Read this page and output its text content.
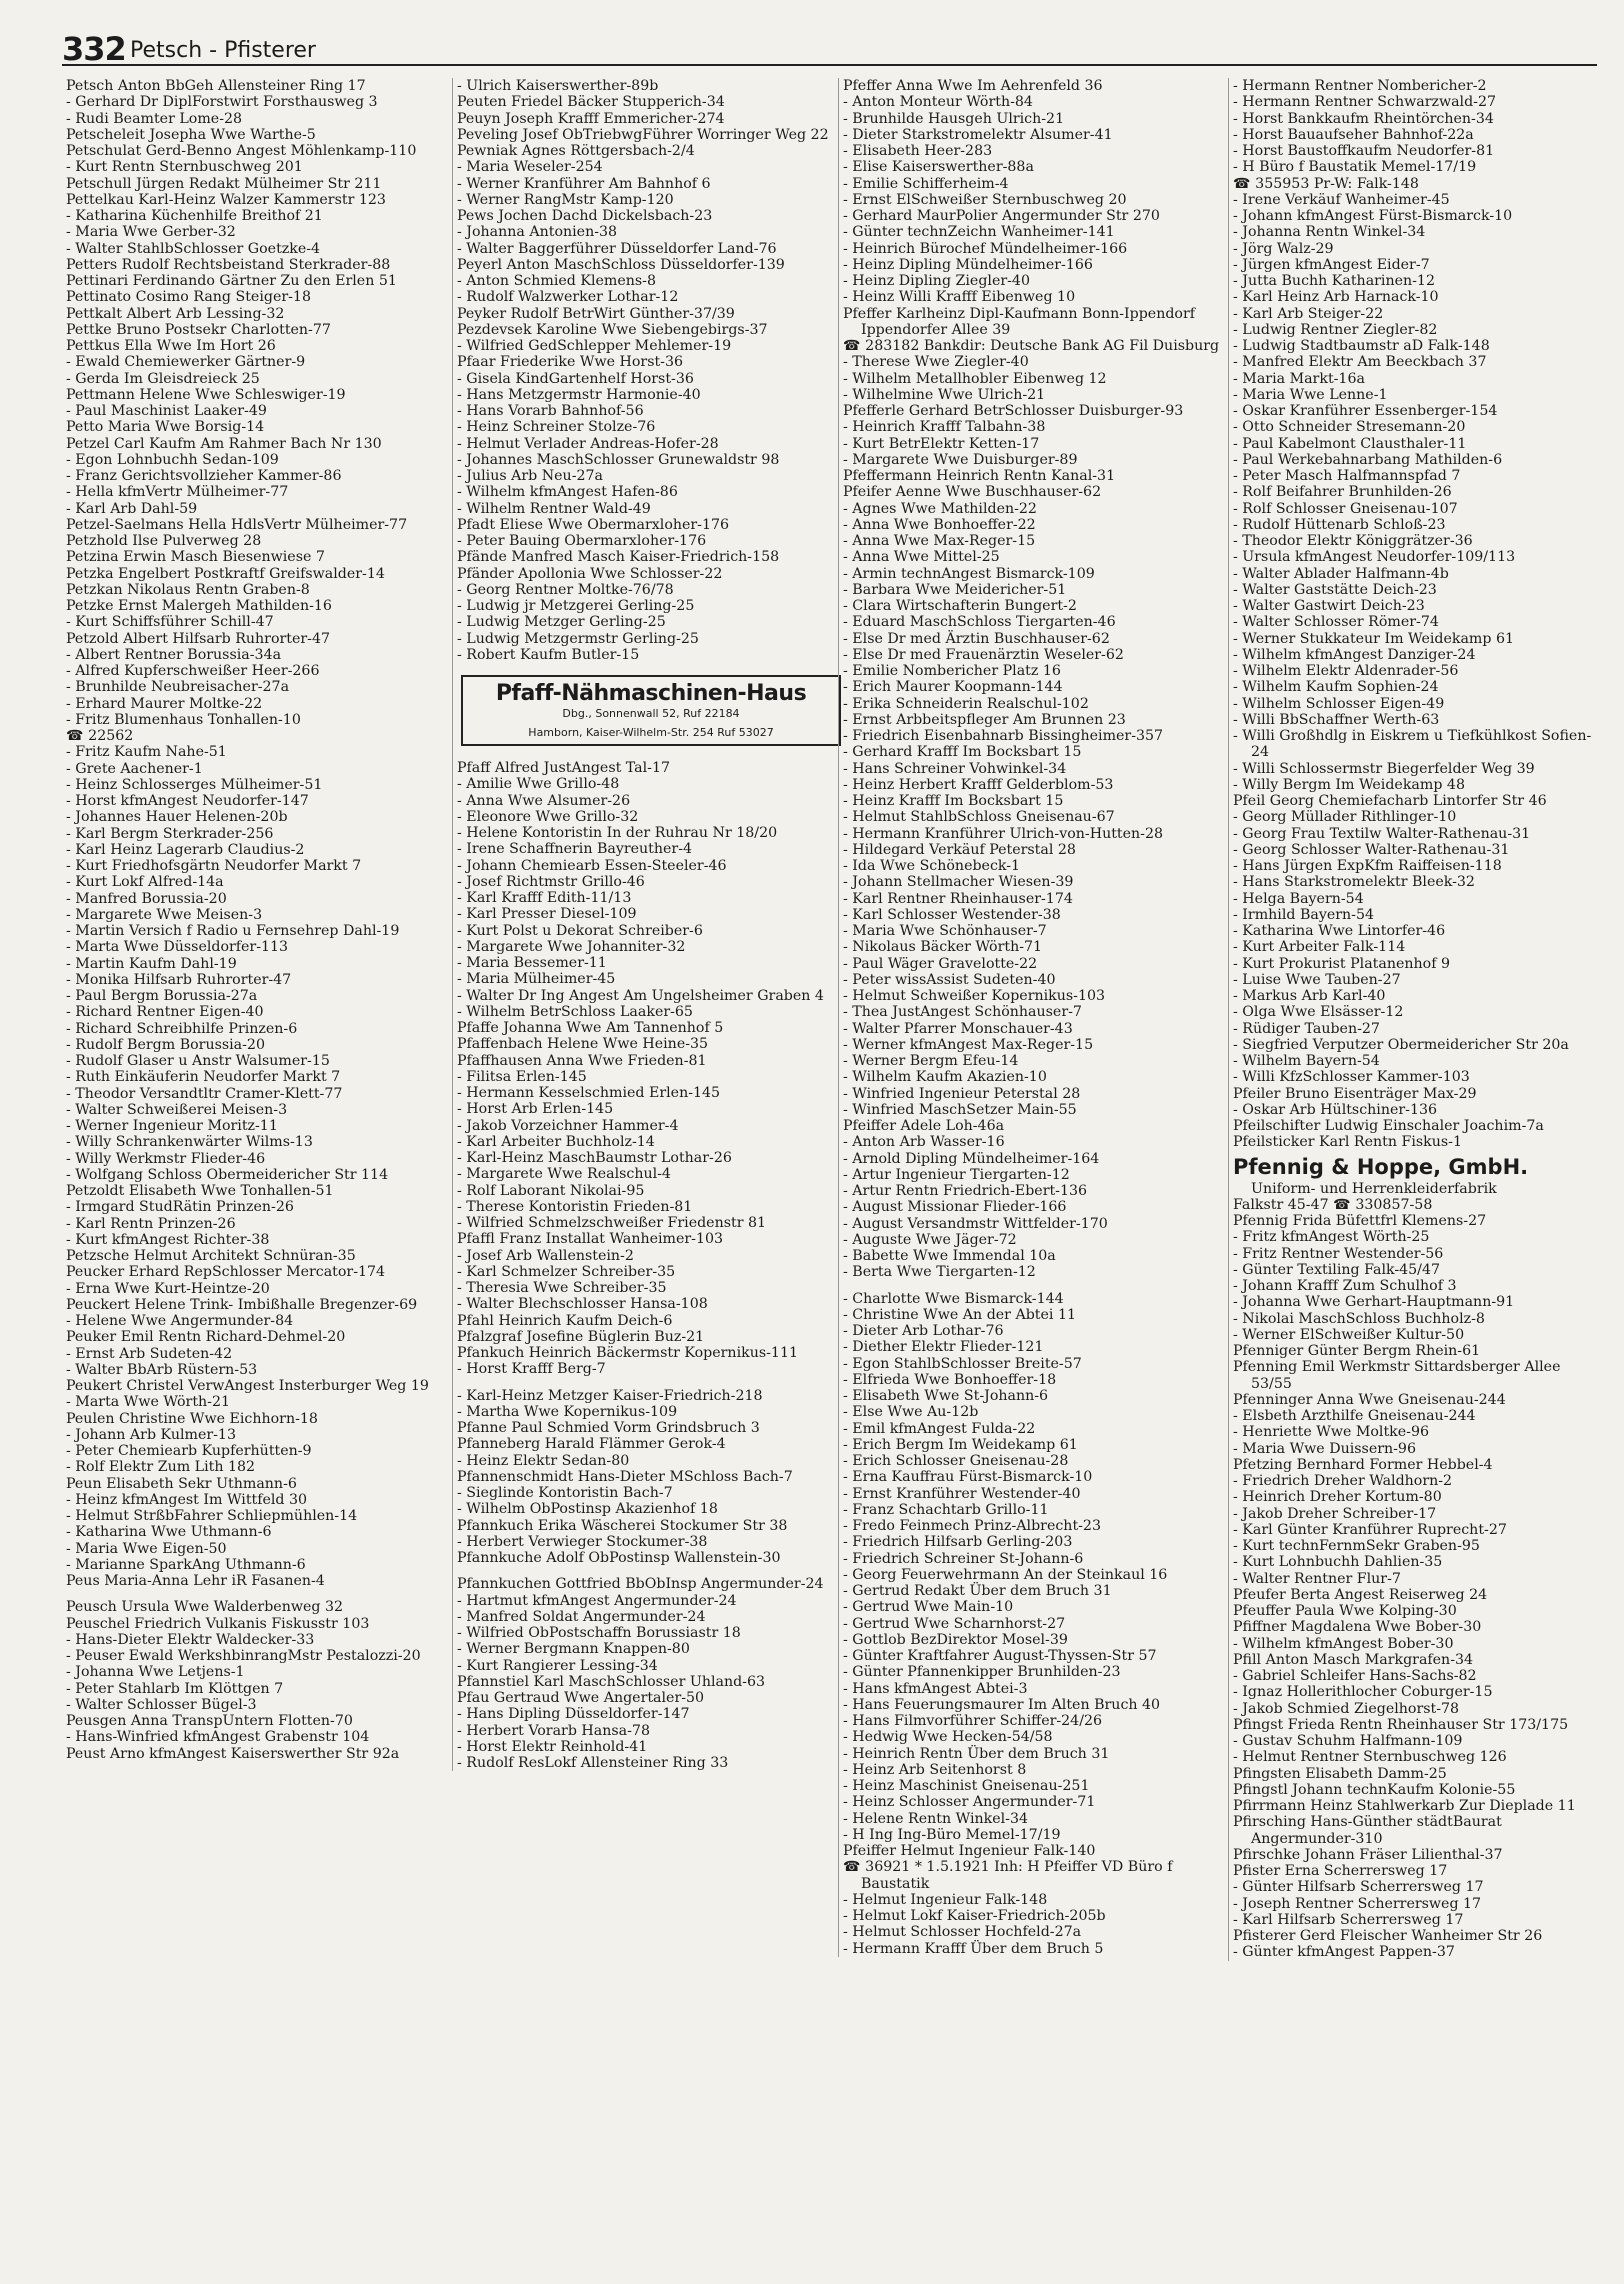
332 Petsch - Pfisterer
Petsch Anton BbGeh Allensteiner Ring 17
- Gerhard Dr DiplForstwirt Forsthausweg 3
- Rudi Beamter Lome-28
Petscheleit Josepha Wwe Warthe-5
Petschulat Gerd-Benno Angest Möhlenkamp-110
- Kurt Rentn Sternbuschweg 201
Petschull Jürgen Redakt Mülheimer Str 211
Pettelkau Karl-Heinz Walzer Kammerstr 123
- Katharina Küchenhilfe Breithof 21
- Maria Wwe Gerber-32
- Walter StahlbSchlosser Goetzke-4
Petters Rudolf Rechtsbeistand Sterkrader-88
Pettinari Ferdinando Gärtner Zu den Erlen 51
Pettinato Cosimo Rang Steiger-18
Pettkalt Albert Arb Lessing-32
Pettke Bruno Postsekr Charlotten-77
Pettkus Ella Wwe Im Hort 26
- Ewald Chemiewerker Gärtner-9
- Gerda Im Gleisdreieck 25
Pettmann Helene Wwe Schleswiger-19
- Paul Maschinist Laaker-49
Petto Maria Wwe Borsig-14
Petzel Carl Kaufm Am Rahmer Bach Nr 130
- Egon Lohnbuchh Sedan-109
- Franz Gerichtsvollzieher Kammer-86
- Hella kfmVertr Mülheimer-77
- Karl Arb Dahl-59
Petzel-Saelmans Hella HdlsVertr Mülheimer-77
Petzhold Ilse Pulverweg 28
Petzina Erwin Masch Biesenwiese 7
Petzka Engelbert Postkraftf Greifswalder-14
Petzkan Nikolaus Rentn Graben-8
Petzke Ernst Malergeh Mathilden-16
- Kurt Schiffsführer Schill-47
Petzold Albert Hilfsarb Ruhrorter-47
- Albert Rentner Borussia-34a
- Alfred Kupferschweißer Heer-266
- Brunhilde Neubreisacher-27a
- Erhard Maurer Moltke-22
- Fritz Blumenhaus Tonhallen-10
☎ 22562
- Fritz Kaufm Nahe-51
- Grete Aachener-1
- Heinz Schlosserges Mülheimer-51
- Horst kfmAngest Neudorfer-147
- Johannes Hauer Helenen-20b
- Karl Bergm Sterkrader-256
- Karl Heinz Lagerarb Claudius-2
- Kurt Friedhofsgärtn Neudorfer Markt 7
- Kurt Lokf Alfred-14a
- Manfred Borussia-20
- Margarete Wwe Meisen-3
- Martin Versich f Radio u Fernsehrep Dahl-19
- Marta Wwe Düsseldorfer-113
- Martin Kaufm Dahl-19
- Monika Hilfsarb Ruhrorter-47
- Paul Bergm Borussia-27a
- Richard Rentner Eigen-40
- Richard Schreibhilfe Prinzen-6
- Rudolf Bergm Borussia-20
- Rudolf Glaser u Anstr Walsumer-15
- Ruth Einkäuferin Neudorfer Markt 7
- Theodor Versandtltr Cramer-Klett-77
- Walter Schweißerei Meisen-3
- Werner Ingenieur Moritz-11
- Willy Schrankenwärter Wilms-13
- Willy Werkmstr Flieder-46
- Wolfgang Schloss Obermeidericher Str 114
Petzoldt Elisabeth Wwe Tonhallen-51
- Irmgard StudRätin Prinzen-26
- Karl Rentn Prinzen-26
- Kurt kfmAngest Richter-38
Petzsche Helmut Architekt Schnüran-35
Peucker Erhard RepSchlosser Mercator-174
- Erna Wwe Kurt-Heintze-20
Peuckert Helene Trink- Imbißhalle Bregenzer-69
- Helene Wwe Angermunder-84
Peuker Emil Rentn Richard-Dehmel-20
- Ernst Arb Sudeten-42
- Walter BbArb Rüstern-53
Peukert Christel VerwAngest Insterburger Weg 19
- Marta Wwe Wörth-21
Peulen Christine Wwe Eichhorn-18
- Johann Arb Kulmer-13
- Peter Chemiearb Kupferhütten-9
- Rolf Elektr Zum Lith 182
Peun Elisabeth Sekr Uthmann-6
- Heinz kfmAngest Im Wittfeld 30
- Helmut StrßbFahrer Schliepmühlen-14
- Katharina Wwe Uthmann-6
- Maria Wwe Eigen-50
- Marianne SparkAng Uthmann-6
Peus Maria-Anna Lehr iR Fasanen-4
Peusch Ursula Wwe Walderbenweg 32
Peuschel Friedrich Vulkanis Fiskusstr 103
- Hans-Dieter Elektr Waldecker-33
- Peuser Ewald WerkshbinrangMstr Pestalozzi-20
- Johanna Wwe Letjens-1
- Peter Stahlarb Im Klöttgen 7
- Walter Schlosser Bügel-3
Peusgen Anna TranspUntern Flotten-70
- Hans-Winfried kfmAngest Grabenstr 104
Peust Arno kfmAngest Kaiserswerther Str 92a
- Ulrich Kaiserswerther-89b
Peuten Friedel Bäcker Stupperich-34
Peuyn Joseph Krafff Emmericher-274
Peveling Josef ObTriebwgFührer Worringer Weg 22
Pewniak Agnes Röttgersbach-2/4
- Maria Weseler-254
- Werner Kranführer Am Bahnhof 6
- Werner RangMstr Kamp-120
Pews Jochen Dachd Dickelsbach-23
- Johanna Antonien-38
- Walter Baggerführer Düsseldorfer Land-76
Peyerl Anton MaschSchloss Düsseldorfer-139
- Anton Schmied Klemens-8
- Rudolf Walzwerker Lothar-12
Peyker Rudolf BetrWirt Günther-37/39
Pezdevsek Karoline Wwe Siebengebirgs-37
- Wilfried GedSchlepper Mehlemer-19
Pfaar Friederike Wwe Horst-36
- Gisela KindGartenhelf Horst-36
- Hans Metzgermstr Harmonie-40
- Hans Vorarb Bahnhof-56
- Heinz Schreiner Stolze-76
- Helmut Verlader Andreas-Hofer-28
- Johannes MaschSchlosser Grunewaldstr 98
- Julius Arb Neu-27a
- Wilhelm kfmAngest Hafen-86
- Wilhelm Rentner Wald-49
Pfadt Eliese Wwe Obermarxloher-176
- Peter Bauing Obermarxloher-176
Pfände Manfred Masch Kaiser-Friedrich-158
Pfänder Apollonia Wwe Schlosser-22
- Georg Rentner Moltke-76/78
- Ludwig jr Metzgerei Gerling-25
- Ludwig Metzger Gerling-25
- Ludwig Metzgermstr Gerling-25
- Robert Kaufm Butler-15
Pfaff-Nähmaschinen-Haus
Dbg., Sonnenwall 52, Ruf 22184
Hamborn, Kaiser-Wilhelm-Str. 254 Ruf 53027
Pfaff Alfred JustAngest Tal-17
- Amilie Wwe Grillo-48
- Anna Wwe Alsumer-26
- Eleonore Wwe Grillo-32
- Helene Kontoristin In der Ruhrau Nr 18/20
- Irene Schaffnerin Bayreuther-4
- Johann Chemiearb Essen-Steeler-46
- Josef Richtmstr Grillo-46
- Karl Krafff Edith-11/13
- Karl Presser Diesel-109
- Kurt Polst u Dekorat Schreiber-6
- Margarete Wwe Johanniter-32
- Maria Bessemer-11
- Maria Mülheimer-45
- Walter Dr Ing Angest Am Ungelsheimer Graben 4
- Wilhelm BetrSchloss Laaker-65
Pfaffe Johanna Wwe Am Tannenhof 5
Pfaffenbach Helene Wwe Heine-35
Pfaffhausen Anna Wwe Frieden-81
- Filitsa Erlen-145
- Hermann Kesselschmied Erlen-145
- Horst Arb Erlen-145
- Jakob Vorzeichner Hammer-4
- Karl Arbeiter Buchholz-14
- Karl-Heinz MaschBaumstr Lothar-26
- Margarete Wwe Realschul-4
- Rolf Laborant Nikolai-95
- Therese Kontoristin Frieden-81
- Wilfried Schmelzschweißer Friedenstr 81
Pfaffl Franz Installat Wanheimer-103
- Josef Arb Wallenstein-2
- Karl Schmelzer Schreiber-35
- Theresia Wwe Schreiber-35
- Walter Blechschlosser Hansa-108
Pfahl Heinrich Kaufm Deich-6
Pfalzgraf Josefine Büglerin Buz-21
Pfankuch Heinrich Bäckermstr Kopernikus-111
- Horst Krafff Berg-7
- Karl-Heinz Metzger Kaiser-Friedrich-218
- Martha Wwe Kopernikus-109
Pfanne Paul Schmied Vorm Grindsbruch 3
Pfanneberg Harald Flämmer Gerok-4
- Heinz Elektr Sedan-80
Pfannenschmidt Hans-Dieter MSchloss Bach-7
- Sieglinde Kontoristin Bach-7
- Wilhelm ObPostinsp Akazienhof 18
Pfannkuch Erika Wäscherei Stockumer Str 38
- Herbert Verwieger Stockumer-38
Pfannkuche Adolf ObPostinsp Wallenstein-30
Pfannkuchen Gottfried BbObInsp Angermunder-24
- Hartmut kfmAngest Angermunder-24
- Manfred Soldat Angermunder-24
- Wilfried ObPostschaffn Borussiastr 18
- Werner Bergmann Knappen-80
- Kurt Rangierer Lessing-34
Pfannstiel Karl MaschSchlosser Uhland-63
Pfau Gertraud Wwe Angertaler-50
- Hans Dipling Düsseldorfer-147
- Herbert Vorarb Hansa-78
- Horst Elektr Reinhold-41
- Rudolf ResLokf Allensteiner Ring 33
Pfeffer Anna Wwe Im Aehrenfeld 36
- Anton Monteur Wörth-84
- Brunhilde Hausgeh Ulrich-21
- Dieter Starkstromelektr Alsumer-41
- Elisabeth Heer-283
- Elise Kaiserswerther-88a
- Emilie Schifferheim-4
- Ernst ElSchweißer Sternbuschweg 20
- Gerhard MaurPolier Angermunder Str 270
- Günter technZeichn Wanheimer-141
- Heinrich Bürochef Mündelheimer-166
- Heinz Dipling Mündelheimer-166
- Heinz Dipling Ziegler-40
- Heinz Willi Krafff Eibenweg 10
Pfeffer Karlheinz Dipl-Kaufmann Bonn-Ippendorf Ippendorfer Allee 39
☎ 283182 Bankdir: Deutsche Bank AG Fil Duisburg
- Therese Wwe Ziegler-40
- Wilhelm Metallhobler Eibenweg 12
- Wilhelmine Wwe Ulrich-21
Pfefferle Gerhard BetrSchlosser Duisburger-93
- Heinrich Krafff Talbahn-38
- Kurt BetrElektr Ketten-17
- Margarete Wwe Duisburger-89
Pfeffermann Heinrich Rentn Kanal-31
Pfeifer Aenne Wwe Buschhauser-62
- Agnes Wwe Mathilden-22
- Anna Wwe Bonhoeffer-22
- Anna Wwe Max-Reger-15
- Anna Wwe Mittel-25
- Armin technAngest Bismarck-109
- Barbara Wwe Meidericher-51
- Clara Wirtschafterin Bungert-2
- Eduard MaschSchloss Tiergarten-46
- Else Dr med Ärztin Buschhauser-62
- Else Dr med Frauenärztin Weseler-62
- Emilie Nombericher Platz 16
- Erich Maurer Koopmann-144
- Erika Schneiderin Realschul-102
- Ernst Arbbeitspfleger Am Brunnen 23
- Friedrich Eisenbahnarb Bissingheimer-357
- Gerhard Krafff Im Bocksbart 15
- Hans Schreiner Vohwinkel-34
- Heinz Herbert Krafff Gelderblom-53
- Heinz Krafff Im Bocksbart 15
- Helmut StahlbSchloss Gneisenau-67
- Hermann Kranführer Ulrich-von-Hutten-28
- Hildegard Verkäuf Peterstal 28
- Ida Wwe Schönebeck-1
- Johann Stellmacher Wiesen-39
- Karl Rentner Rheinhauser-174
- Karl Schlosser Westender-38
- Maria Wwe Schönhauser-7
- Nikolaus Bäcker Wörth-71
- Paul Wäger Gravelotte-22
- Peter wissAssist Sudeten-40
- Helmut Schweißer Kopernikus-103
- Thea JustAngest Schönhauser-7
- Walter Pfarrer Monschauer-43
- Werner kfmAngest Max-Reger-15
- Werner Bergm Efeu-14
- Wilhelm Kaufm Akazien-10
- Winfried Ingenieur Peterstal 28
- Winfried MaschSetzer Main-55
Pfeiffer Adele Loh-46a
- Anton Arb Wasser-16
- Arnold Dipling Mündelheimer-164
- Artur Ingenieur Tiergarten-12
- Artur Rentn Friedrich-Ebert-136
- August Missionar Flieder-166
- August Versandmstr Wittfelder-170
- Auguste Wwe Jäger-72
- Babette Wwe Immendal 10a
- Berta Wwe Tiergarten-12
- Charlotte Wwe Bismarck-144
- Christine Wwe An der Abtei 11
- Dieter Arb Lothar-76
- Diether Elektr Flieder-121
- Egon StahlbSchlosser Breite-57
- Elfrieda Wwe Bonhoeffer-18
- Elisabeth Wwe St-Johann-6
- Else Wwe Au-12b
- Emil kfmAngest Fulda-22
- Erich Bergm Im Weidekamp 61
- Erich Schlosser Gneisenau-28
- Erna Kauffrau Fürst-Bismarck-10
- Ernst Kranführer Westender-40
- Franz Schachtarb Grillo-11
- Fredo Feinmech Prinz-Albrecht-23
- Friedrich Hilfsarb Gerling-203
- Friedrich Schreiner St-Johann-6
- Georg Feuerwehrmann An der Steinkaul 16
- Gertrud Redakt Über dem Bruch 31
- Gertrud Wwe Main-10
- Gertrud Wwe Scharnhorst-27
- Gottlob BezDirektor Mosel-39
- Günter Kraftfahrer August-Thyssen-Str 57
- Günter Pfannenkipper Brunhilden-23
- Hans kfmAngest Abtei-3
- Hans Feuerungsmaurer Im Alten Bruch 40
- Hans Filmvorführer Schiffer-24/26
- Hedwig Wwe Hecken-54/58
- Heinrich Rentn Über dem Bruch 31
- Heinz Arb Seitenhorst 8
- Heinz Maschinist Gneisenau-251
- Heinz Schlosser Angermunder-71
- Helene Rentn Winkel-34
- H Ing Ing-Büro Memel-17/19
Pfeiffer Helmut Ingenieur Falk-140
☎ 36921 * 1.5.1921 Inh: H Pfeiffer VD Büro f Baustatik
- Helmut Ingenieur Falk-148
- Helmut Lokf Kaiser-Friedrich-205b
- Helmut Schlosser Hochfeld-27a
- Hermann Krafff Über dem Bruch 5
- Hermann Rentner Nombericher-2
- Hermann Rentner Schwarzwald-27
- Horst Bankkaufm Rheintörchen-34
- Horst Bauaufseher Bahnhof-22a
- Horst Baustoffkaufm Neudorfer-81
- H Büro f Baustatik Memel-17/19
☎ 355953 Pr-W: Falk-148
- Irene Verkäuf Wanheimer-45
- Johann kfmAngest Fürst-Bismarck-10
- Johanna Rentn Winkel-34
- Jörg Walz-29
- Jürgen kfmAngest Eider-7
- Jutta Buchh Katharinen-12
- Karl Heinz Arb Harnack-10
- Karl Arb Steiger-22
- Ludwig Rentner Ziegler-82
- Ludwig Stadtbaumstr aD Falk-148
- Manfred Elektr Am Beeckbach 37
- Maria Markt-16a
- Maria Wwe Lenne-1
- Oskar Kranführer Essenberger-154
- Otto Schneider Stresemann-20
- Paul Kabelmont Clausthaler-11
- Paul Werkebahnarbang Mathilden-6
- Peter Masch Halfmannspfad 7
- Rolf Beifahrer Brunhilden-26
- Rolf Schlosser Gneisenau-107
- Rudolf Hüttenarb Schloß-23
- Theodor Elektr Königgrätzer-36
- Ursula kfmAngest Neudorfer-109/113
- Walter Ablader Halfmann-4b
- Walter Gaststätte Deich-23
- Walter Gastwirt Deich-23
- Walter Schlosser Römer-74
- Werner Stukkateur Im Weidekamp 61
- Wilhelm kfmAngest Danziger-24
- Wilhelm Elektr Aldenrader-56
- Wilhelm Kaufm Sophien-24
- Wilhelm Schlosser Eigen-49
- Willi BbSchaffner Werth-63
- Willi Großhdlg in Eiskrem u Tiefkühlkost Sofien-24
- Willi Schlossermstr Biegerfelder Weg 39
- Willy Bergm Im Weidekamp 48
Pfeil Georg Chemiefacharb Lintorfer Str 46
- Georg Müllader Rithlinger-10
- Georg Frau Textilw Walter-Rathenau-31
- Georg Schlosser Walter-Rathenau-31
- Hans Jürgen ExpKfm Raiffeisen-118
- Hans Starkstromelektr Bleek-32
- Helga Bayern-54
- Irmhild Bayern-54
- Katharina Wwe Lintorfer-46
- Kurt Arbeiter Falk-114
- Kurt Prokurist Platanenhof 9
- Luise Wwe Tauben-27
- Markus Arb Karl-40
- Olga Wwe Elsässer-12
- Rüdiger Tauben-27
- Siegfried Verputzer Obermeidericher Str 20a
- Wilhelm Bayern-54
- Willi KfzSchlosser Kammer-103
Pfeiler Bruno Eisenträger Max-29
- Oskar Arb Hültschiner-136
Pfeilschifter Ludwig Einschaler Joachim-7a
Pfeilsticker Karl Rentn Fiskus-1
Pfennig & Hoppe, GmbH.
Uniform- und Herrenkleiderfabrik
Falkstr 45-47 ☎ 330857-58
Pfennig Frida Büfettfrl Klemens-27
- Fritz kfmAngest Wörth-25
- Fritz Rentner Westender-56
- Günter Textiling Falk-45/47
- Johann Krafff Zum Schulhof 3
- Johanna Wwe Gerhart-Hauptmann-91
- Nikolai MaschSchloss Buchholz-8
- Werner ElSchweißer Kultur-50
Pfenniger Günter Bergm Rhein-61
Pfenning Emil Werkmstr Sittardsberger Allee 53/55
Pfenninger Anna Wwe Gneisenau-244
- Elsbeth Arzthilfe Gneisenau-244
- Henriette Wwe Moltke-96
- Maria Wwe Duissern-96
Pfetzing Bernhard Former Hebbel-4
- Friedrich Dreher Waldhorn-2
- Heinrich Dreher Kortum-80
- Jakob Dreher Schreiber-17
- Karl Günter Kranführer Ruprecht-27
- Kurt technFernmSekr Graben-95
- Kurt Lohnbuchh Dahlien-35
- Walter Rentner Flur-7
Pfeufer Berta Angest Reiserweg 24
Pfeuffer Paula Wwe Kolping-30
Pfiffner Magdalena Wwe Bober-30
- Wilhelm kfmAngest Bober-30
Pfill Anton Masch Markgrafen-34
- Gabriel Schleifer Hans-Sachs-82
- Ignaz Hollerithlocher Coburger-15
- Jakob Schmied Ziegelhorst-78
Pfingst Frieda Rentn Rheinhauser Str 173/175
- Gustav Schuhm Halfmann-109
- Helmut Rentner Sternbuschweg 126
Pfingsten Elisabeth Damm-25
Pfingstl Johann technKaufm Kolonie-55
Pfirrmann Heinz Stahlwerkarb Zur Dieplade 11
Pfirsching Hans-Günther städtBaurat Angermunder-310
Pfirschke Johann Fräser Lilienthal-37
Pfister Erna Scherrersweg 17
- Günter Hilfsarb Scherrersweg 17
- Joseph Rentner Scherrersweg 17
- Karl Hilfsarb Scherrersweg 17
Pfisterer Gerd Fleischer Wanheimer Str 26
- Günter kfmAngest Pappen-37
